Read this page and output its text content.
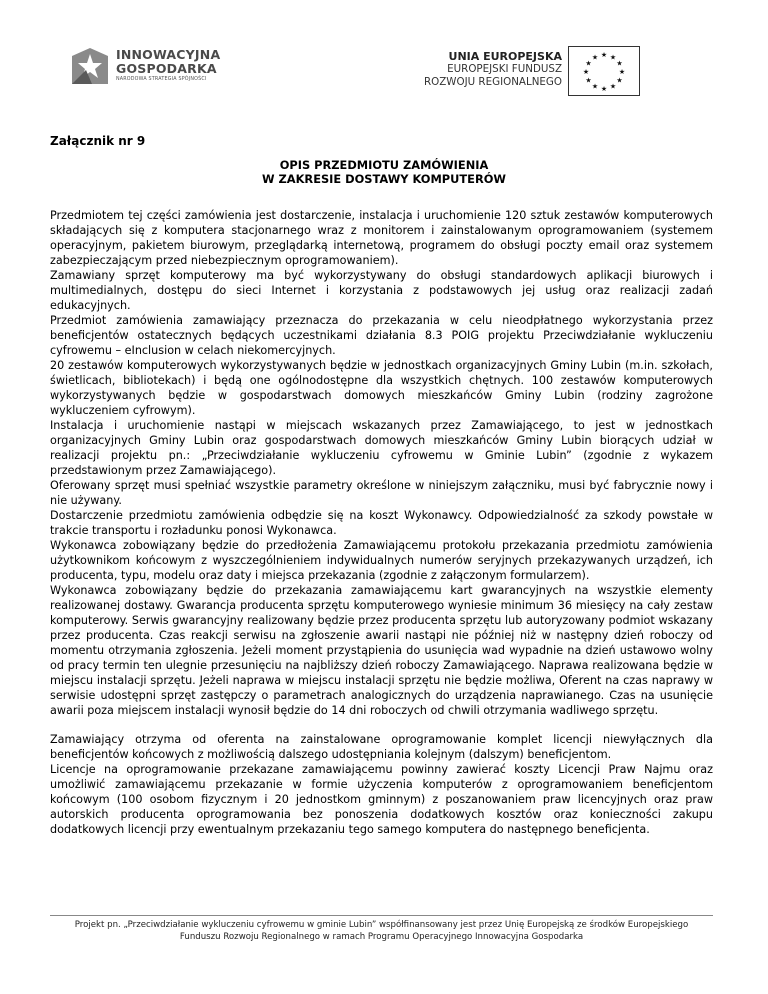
INNOWACYJNA
GOSPODARKA
NARODOWA STRATEGIA SPÓJNOŚCI
UNIA EUROPEJSKA
EUROPEJSKI FUNDUSZ
ROZWOJU REGIONALNEGO
★ ★
★
★
★
★
★
★
★
★
★
★
Załącznik nr 9
OPIS PRZEDMIOTU ZAMÓWIENIA
W ZAKRESIE DOSTAWY KOMPUTERÓW

Przedmiotem tej części zamówienia jest dostarczenie, instalacja i uruchomienie 120 sztuk zestawów komputerowych składających się z komputera stacjonarnego wraz z monitorem i zainstalowanym oprogramowaniem (systemem operacyjnym, pakietem biurowym, przeglądarką internetową, programem do obsługi poczty email oraz systemem zabezpieczającym przed niebezpiecznym oprogramowaniem).

Zamawiany sprzęt komputerowy ma być wykorzystywany do obsługi standardowych aplikacji biurowych i multimedialnych, dostępu do sieci Internet i korzystania z podstawowych jej usług oraz realizacji zadań edukacyjnych.

Przedmiot zamówienia zamawiający przeznacza do przekazania w celu nieodpłatnego wykorzystania przez beneficjentów ostatecznych będących uczestnikami działania 8.3 POIG projektu Przeciwdziałanie wykluczeniu cyfrowemu – eInclusion w celach niekomercyjnych.

20 zestawów komputerowych wykorzystywanych będzie w jednostkach organizacyjnych Gminy Lubin (m.in. szkołach, świetlicach, bibliotekach) i będą one ogólnodostępne dla wszystkich chętnych. 100 zestawów komputerowych wykorzystywanych będzie w gospodarstwach domowych mieszkańców Gminy Lubin (rodziny zagrożone wykluczeniem cyfrowym).

Instalacja i uruchomienie nastąpi w miejscach wskazanych przez Zamawiającego, to jest w jednostkach organizacyjnych Gminy Lubin oraz gospodarstwach domowych mieszkańców Gminy Lubin biorących udział w realizacji projektu pn.: „Przeciwdziałanie wykluczeniu cyfrowemu w Gminie Lubin” (zgodnie z wykazem przedstawionym przez Zamawiającego).

Oferowany sprzęt musi spełniać wszystkie parametry określone w niniejszym załączniku, musi być fabrycznie nowy i nie używany.

Dostarczenie przedmiotu zamówienia odbędzie się na koszt Wykonawcy. Odpowiedzialność za szkody powstałe w trakcie transportu i rozładunku ponosi Wykonawca.

Wykonawca zobowiązany będzie do przedłożenia Zamawiającemu protokołu przekazania przedmiotu zamówienia użytkownikom końcowym z wyszczególnieniem indywidualnych numerów seryjnych przekazywanych urządzeń, ich producenta, typu, modelu oraz daty i miejsca przekazania (zgodnie z załączonym formularzem).

Wykonawca zobowiązany będzie do przekazania zamawiającemu kart gwarancyjnych na wszystkie elementy realizowanej dostawy. Gwarancja producenta sprzętu komputerowego wyniesie minimum 36 miesięcy na cały zestaw komputerowy. Serwis gwarancyjny realizowany będzie przez producenta sprzętu lub autoryzowany podmiot wskazany przez producenta. Czas reakcji serwisu na zgłoszenie awarii nastąpi nie później niż w następny dzień roboczy od momentu otrzymania zgłoszenia. Jeżeli moment przystąpienia do usunięcia wad wypadnie na dzień ustawowo wolny od pracy termin ten ulegnie przesunięciu na najbliższy dzień roboczy Zamawiającego. Naprawa realizowana będzie w miejscu instalacji sprzętu. Jeżeli naprawa w miejscu instalacji sprzętu nie będzie możliwa, Oferent na czas naprawy w serwisie udostępni sprzęt zastępczy o parametrach analogicznych do urządzenia naprawianego. Czas na usunięcie awarii poza miejscem instalacji wynosił będzie do 14 dni roboczych od chwili otrzymania wadliwego sprzętu.

Zamawiający otrzyma od oferenta na zainstalowane oprogramowanie komplet licencji niewyłącznych dla beneficjentów końcowych z możliwością dalszego udostępniania kolejnym (dalszym) beneficjentom.

Licencje na oprogramowanie przekazane zamawiającemu powinny zawierać koszty Licencji Praw Najmu oraz umożliwić zamawiającemu przekazanie w formie użyczenia komputerów z oprogramowaniem beneficjentom końcowym (100 osobom fizycznym i 20 jednostkom gminnym) z poszanowaniem praw licencyjnych oraz praw autorskich producenta oprogramowania bez ponoszenia dodatkowych kosztów oraz konieczności zakupu dodatkowych licencji przy ewentualnym przekazaniu tego samego komputera do następnego beneficjenta.

Projekt pn. „Przeciwdziałanie wykluczeniu cyfrowemu w gminie Lubin” współfinansowany jest przez Unię Europejską ze środków Europejskiego
Funduszu Rozwoju Regionalnego w ramach Programu Operacyjnego Innowacyjna Gospodarka
